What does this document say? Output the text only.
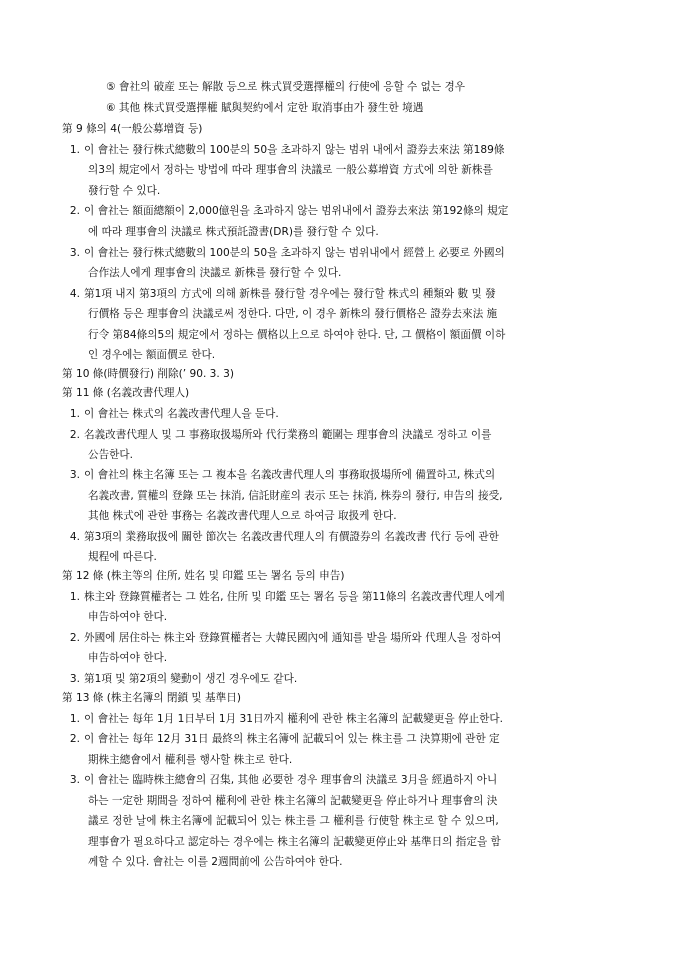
⑤ 會社의 破産 또는 解散 등으로 株式買受選擇權의 行使에 응할 수 없는 경우
⑥ 其他 株式買受選擇權 賦與契約에서 定한 取消事由가 發生한 境遇
第 9 條의 4(一般公募增資 등)
1. 이 會社는 發行株式總數의 100분의 50을 초과하지 않는 범위 내에서 證券去來法 第189條
의3의 規定에서 정하는 방법에 따라 理事會의 決議로 一般公募增資 方式에 의한 新株를
發行할 수 있다.
2. 이 會社는 額面總額이 2,000億원을 초과하지 않는 범위내에서 證券去來法 第192條의 規定
에 따라 理事會의 決議로 株式預託證書(DR)를 發行할 수 있다.
3. 이 會社는 發行株式總數의 100분의 50을 초과하지 않는 범위내에서 經營上 必要로 外國의
合作法人에게 理事會의 決議로 新株를 發行할 수 있다.
4. 第1項 내지 第3項의 方式에 의해 新株를 發行할 경우에는 發行할 株式의 種類와 數 및 發
行價格 등은 理事會의 決議로써 정한다. 다만, 이 경우 新株의 發行價格은 證券去來法 施
行令 第84條의5의 規定에서 정하는 價格以上으로 하여야 한다. 단, 그 價格이 額面價 이하
인 경우에는 額面價로 한다.
第 10 條(時價發行) 削除(’ 90. 3. 3)
第 11 條 (名義改書代理人)
1. 이 會社는 株式의 名義改書代理人을 둔다.
2. 名義改書代理人 및 그 事務取扱場所와 代行業務의 範圍는 理事會의 決議로 정하고 이를
公告한다.
3. 이 會社의 株主名簿 또는 그 複本을 名義改書代理人의 事務取扱場所에 備置하고, 株式의
名義改書, 質權의 登錄 또는 抹消, 信託財産의 表示 또는 抹消, 株券의 發行, 申告의 接受,
其他 株式에 관한 事務는 名義改書代理人으로 하여금 取扱케 한다.
4. 第3項의 業務取扱에 關한 節次는 名義改書代理人의 有價證券의 名義改書 代行 등에 관한
規程에 따른다.
第 12 條 (株主等의 住所, 姓名 및 印鑑 또는 署名 등의 申告)
1. 株主와 登錄質權者는 그 姓名, 住所 및 印鑑 또는 署名 등을 第11條의 名義改書代理人에게
申告하여야 한다.
2. 外國에 居住하는 株主와 登錄質權者는 大韓民國內에 通知를 받을 場所와 代理人을 정하여
申告하여야 한다.
3. 第1項 및 第2項의 變動이 생긴 경우에도 같다.
第 13 條 (株主名簿의 閉鎖 및 基準日)
1. 이 會社는 每年 1月 1日부터 1月 31日까지 權利에 관한 株主名簿의 記載變更을 停止한다.
2. 이 會社는 每年 12月 31日 最終의 株主名簿에 記載되어 있는 株主를 그 決算期에 관한 定
期株主總會에서 權利를 행사할 株主로 한다.
3. 이 會社는 臨時株主總會의 召集, 其他 必要한 경우 理事會의 決議로 3月을 經過하지 아니
하는 一定한 期間을 정하여 權利에 관한 株主名簿의 記載變更을 停止하거나 理事會의 決
議로 정한 날에 株主名簿에 記載되어 있는 株主를 그 權利를 行使할 株主로 할 수 있으며,
理事會가 필요하다고 認定하는 경우에는 株主名簿의 記載變更停止와 基準日의 指定을 함
께할 수 있다. 會社는 이를 2週間前에 公告하여야 한다.
